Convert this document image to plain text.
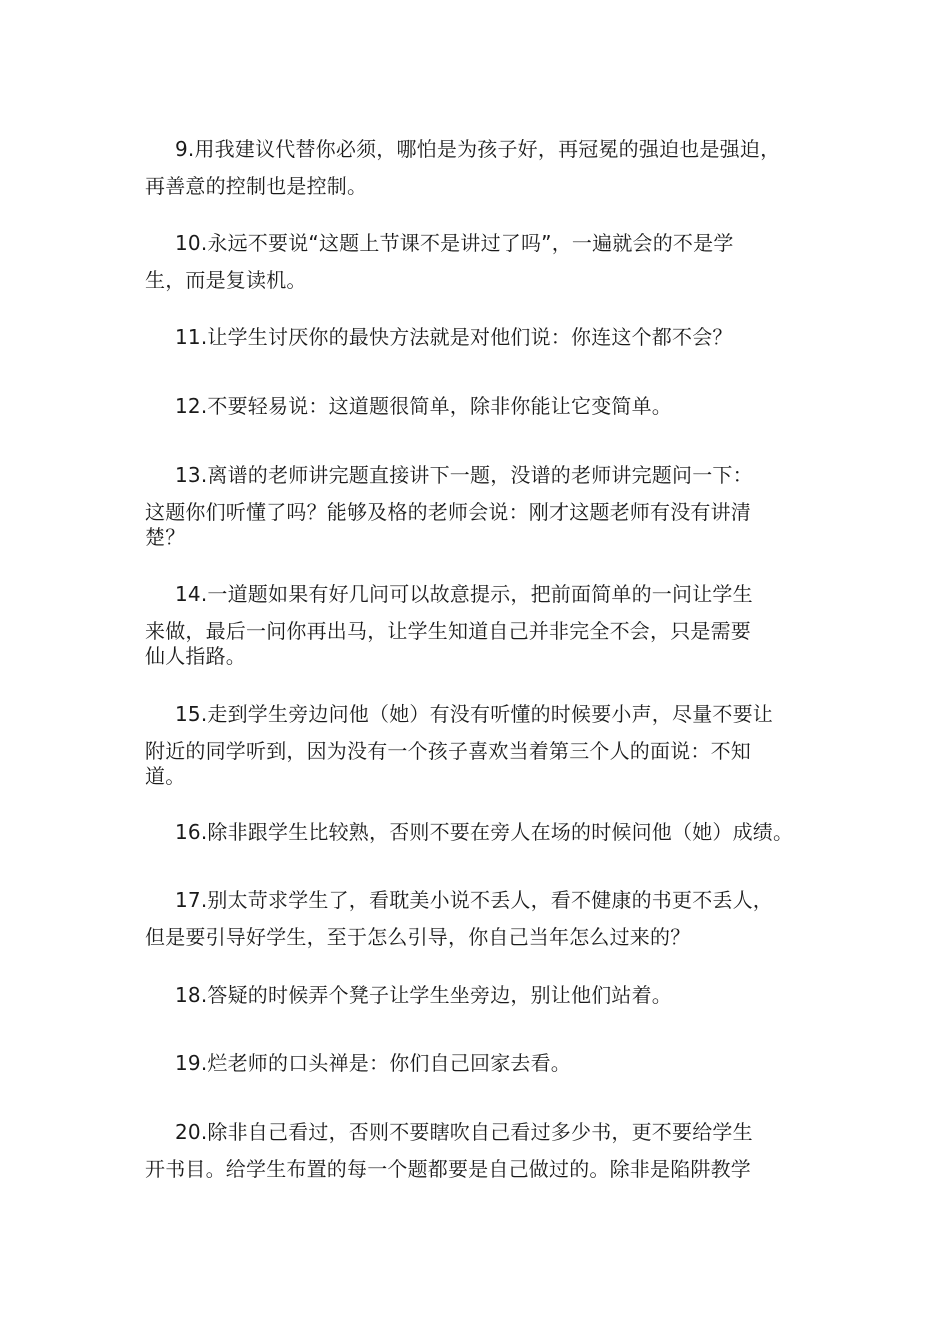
9.用我建议代替你必须，哪怕是为孩子好，再冠冕的强迫也是强迫，
再善意的控制也是控制。
10.永远不要说“这题上节课不是讲过了吗”，一遍就会的不是学
生，而是复读机。
11.让学生讨厌你的最快方法就是对他们说：你连这个都不会？
12.不要轻易说：这道题很简单，除非你能让它变简单。
13.离谱的老师讲完题直接讲下一题，没谱的老师讲完题问一下：
这题你们听懂了吗？能够及格的老师会说：刚才这题老师有没有讲清
楚？
14.一道题如果有好几问可以故意提示，把前面简单的一问让学生
来做，最后一问你再出马，让学生知道自己并非完全不会，只是需要
仙人指路。
15.走到学生旁边问他（她）有没有听懂的时候要小声，尽量不要让
附近的同学听到，因为没有一个孩子喜欢当着第三个人的面说：不知
道。
16.除非跟学生比较熟，否则不要在旁人在场的时候问他（她）成绩。
17.别太苛求学生了，看耽美小说不丢人，看不健康的书更不丢人，
但是要引导好学生，至于怎么引导，你自己当年怎么过来的？
18.答疑的时候弄个凳子让学生坐旁边，别让他们站着。
19.烂老师的口头禅是：你们自己回家去看。
20.除非自己看过，否则不要瞎吹自己看过多少书，更不要给学生
开书目。给学生布置的每一个题都要是自己做过的。除非是陷阱教学
